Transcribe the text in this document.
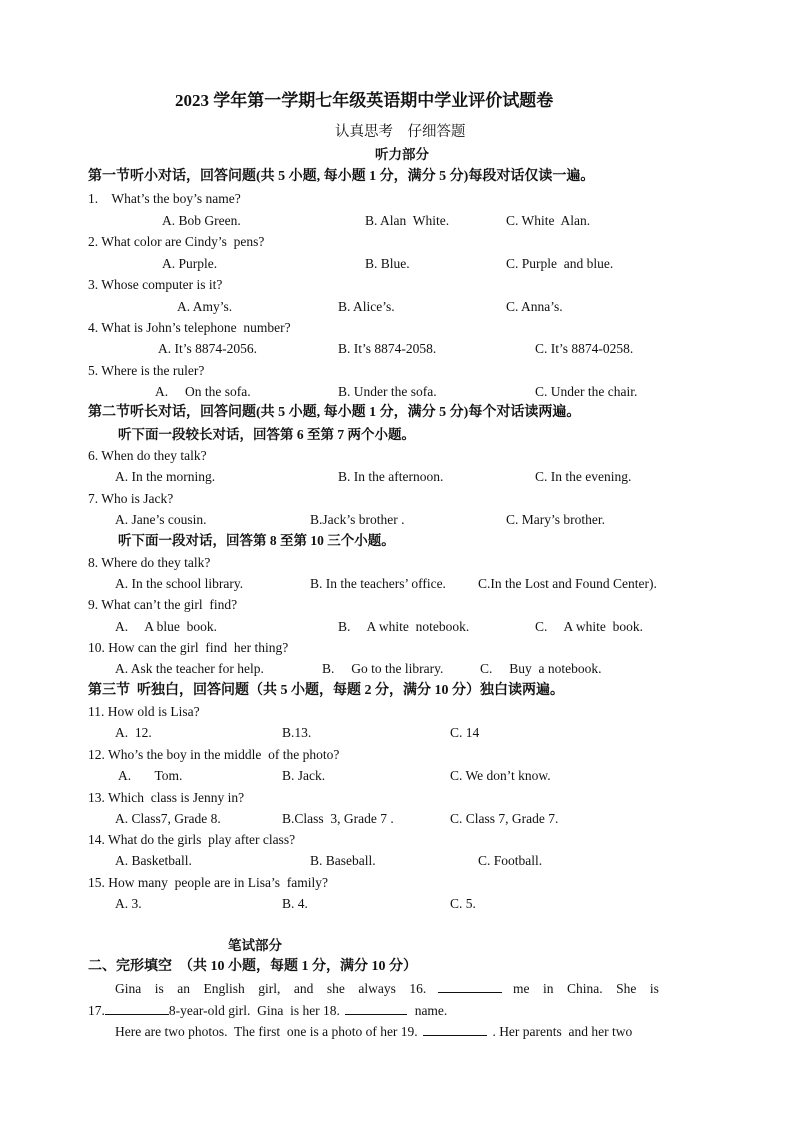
2023 学年第一学期七年级英语期中学业评价试题卷
认真思考    仔细答题
听力部分
第一节听小对话，回答问题(共 5 小题, 每小题 1 分，满分 5 分)每段对话仅读一遍。
1.    What’s the boy’s name?
A. Bob Green.	B. Alan  White.	C. White  Alan.
2. What color are Cindy’s  pens?
A. Purple.	B. Blue.	C. Purple  and blue.
3. Whose computer is it?
A. Amy’s.	B. Alice’s.	C. Anna’s.
4. What is John’s telephone  number?
A. It’s 8874-2056.	B. It’s 8874-2058.	C. It’s 8874-0258.
5. Where is the ruler?
A.     On the sofa.	B. Under the sofa.	C. Under the chair.
第二节听长对话，回答问题(共 5 小题, 每小题 1 分，满分 5 分)每个对话读两遍。
听下面一段较长对话，回答第 6 至第 7 两个小题。
6. When do they talk?
A. In the morning.	B. In the afternoon.	C. In the evening.
7. Who is Jack?
A. Jane’s cousin.	B.Jack’s brother .	C. Mary’s brother.
听下面一段对话，回答第 8 至第 10 三个小题。
8. Where do they talk?
A. In the school library.	B. In the teachers’ office. C.In the Lost and Found Center).
9. What can’t the girl  find?
A.     A blue  book.	B.     A white  notebook.	C.     A white  book.
10. How can the girl  find  her thing?
A. Ask the teacher for help.	B.     Go to the library.	C.     Buy  a notebook.
第三节  听独白，回答问题（共 5 小题，每题 2 分，满分 10 分）独白读两遍。
11. How old is Lisa?
A.  12.	B.13.	C. 14
12. Who’s the boy in the middle  of the photo?
A.       Tom.	B. Jack.	C. We don’t know.
13. Which  class is Jenny in?
A. Class7, Grade 8.	B.Class  3, Grade 7 .	C. Class 7, Grade 7.
14. What do the girls  play after class?
A. Basketball.	B. Baseball.	C. Football.
15. How many  people are in Lisa’s  family?
A. 3.	B. 4.	C. 5.
笔试部分
二、完形填空  （共 10 小题，每题 1 分，满分 10 分）
Gina    is    an    English    girl,    and    she    always    16.	me    in    China.    She    is
17.	8-year-old girl.  Gina  is her 18.	name.
Here are two photos.  The first  one is a photo of her 19.	. Her parents  and her two
